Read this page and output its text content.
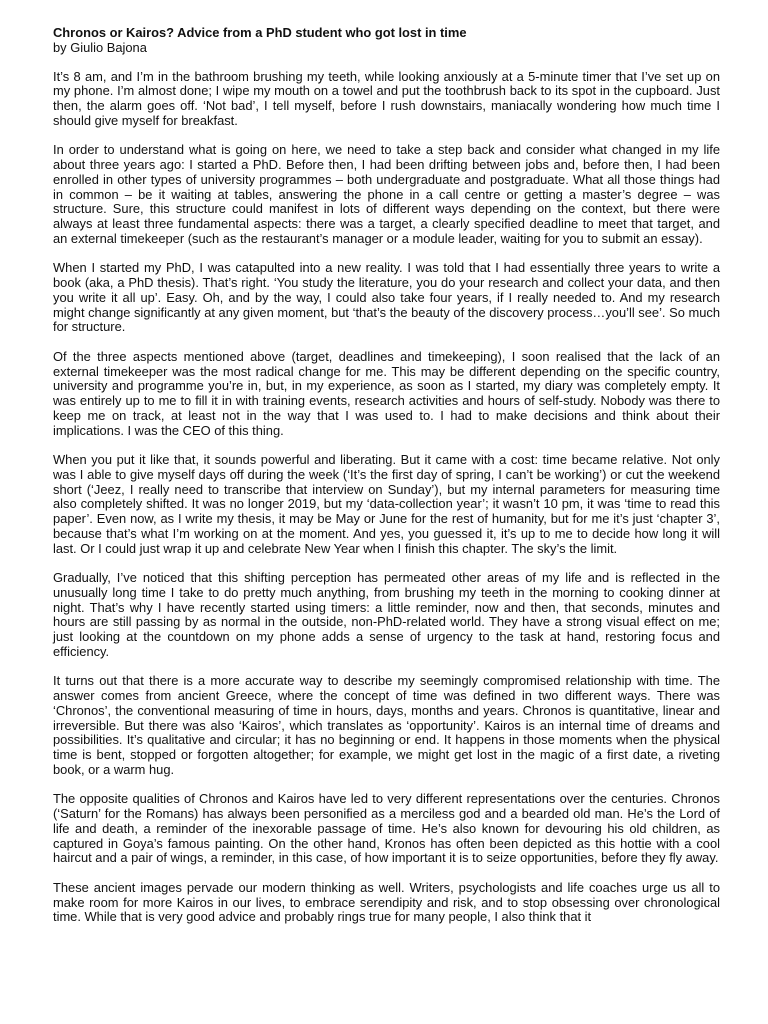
Chronos or Kairos? Advice from a PhD student who got lost in time

by Giulio Bajona

It’s 8 am, and I’m in the bathroom brushing my teeth, while looking anxiously at a 5-minute timer that I’ve set up on my phone. I’m almost done; I wipe my mouth on a towel and put the toothbrush back to its spot in the cupboard. Just then, the alarm goes off. ‘Not bad’, I tell myself, before I rush downstairs, maniacally wondering how much time I should give myself for breakfast.

In order to understand what is going on here, we need to take a step back and consider what changed in my life about three years ago: I started a PhD. Before then, I had been drifting between jobs and, before then, I had been enrolled in other types of university programmes – both undergraduate and postgraduate. What all those things had in common – be it waiting at tables, answering the phone in a call centre or getting a master’s degree – was structure. Sure, this structure could manifest in lots of different ways depending on the context, but there were always at least three fundamental aspects: there was a target, a clearly specified deadline to meet that target, and an external timekeeper (such as the restaurant’s manager or a module leader, waiting for you to submit an essay).

When I started my PhD, I was catapulted into a new reality. I was told that I had essentially three years to write a book (aka, a PhD thesis). That’s right. ‘You study the literature, you do your research and collect your data, and then you write it all up’. Easy. Oh, and by the way, I could also take four years, if I really needed to. And my research might change significantly at any given moment, but ‘that’s the beauty of the discovery process…you’ll see’. So much for structure.

Of the three aspects mentioned above (target, deadlines and timekeeping), I soon realised that the lack of an external timekeeper was the most radical change for me. This may be different depending on the specific country, university and programme you’re in, but, in my experience, as soon as I started, my diary was completely empty. It was entirely up to me to fill it in with training events, research activities and hours of self-study. Nobody was there to keep me on track, at least not in the way that I was used to. I had to make decisions and think about their implications. I was the CEO of this thing.

When you put it like that, it sounds powerful and liberating. But it came with a cost: time became relative. Not only was I able to give myself days off during the week (‘It’s the first day of spring, I can’t be working’) or cut the weekend short (‘Jeez, I really need to transcribe that interview on Sunday’), but my internal parameters for measuring time also completely shifted. It was no longer 2019, but my ‘data-collection year’; it wasn’t 10 pm, it was ‘time to read this paper’. Even now, as I write my thesis, it may be May or June for the rest of humanity, but for me it’s just ‘chapter 3’, because that’s what I’m working on at the moment. And yes, you guessed it, it’s up to me to decide how long it will last. Or I could just wrap it up and celebrate New Year when I finish this chapter. The sky’s the limit.

Gradually, I’ve noticed that this shifting perception has permeated other areas of my life and is reflected in the unusually long time I take to do pretty much anything, from brushing my teeth in the morning to cooking dinner at night. That’s why I have recently started using timers: a little reminder, now and then, that seconds, minutes and hours are still passing by as normal in the outside, non-PhD-related world. They have a strong visual effect on me; just looking at the countdown on my phone adds a sense of urgency to the task at hand, restoring focus and efficiency.

It turns out that there is a more accurate way to describe my seemingly compromised relationship with time. The answer comes from ancient Greece, where the concept of time was defined in two different ways. There was ‘Chronos’, the conventional measuring of time in hours, days, months and years. Chronos is quantitative, linear and irreversible. But there was also ‘Kairos’, which translates as ‘opportunity’. Kairos is an internal time of dreams and possibilities. It’s qualitative and circular; it has no beginning or end. It happens in those moments when the physical time is bent, stopped or forgotten altogether; for example, we might get lost in the magic of a first date, a riveting book, or a warm hug.

The opposite qualities of Chronos and Kairos have led to very different representations over the centuries. Chronos (‘Saturn’ for the Romans) has always been personified as a merciless god and a bearded old man. He’s the Lord of life and death, a reminder of the inexorable passage of time. He’s also known for devouring his old children, as captured in Goya’s famous painting. On the other hand, Kronos has often been depicted as this hottie with a cool haircut and a pair of wings, a reminder, in this case, of how important it is to seize opportunities, before they fly away.

These ancient images pervade our modern thinking as well. Writers, psychologists and life coaches urge us all to make room for more Kairos in our lives, to embrace serendipity and risk, and to stop obsessing over chronological time. While that is very good advice and probably rings true for many people, I also think that it
